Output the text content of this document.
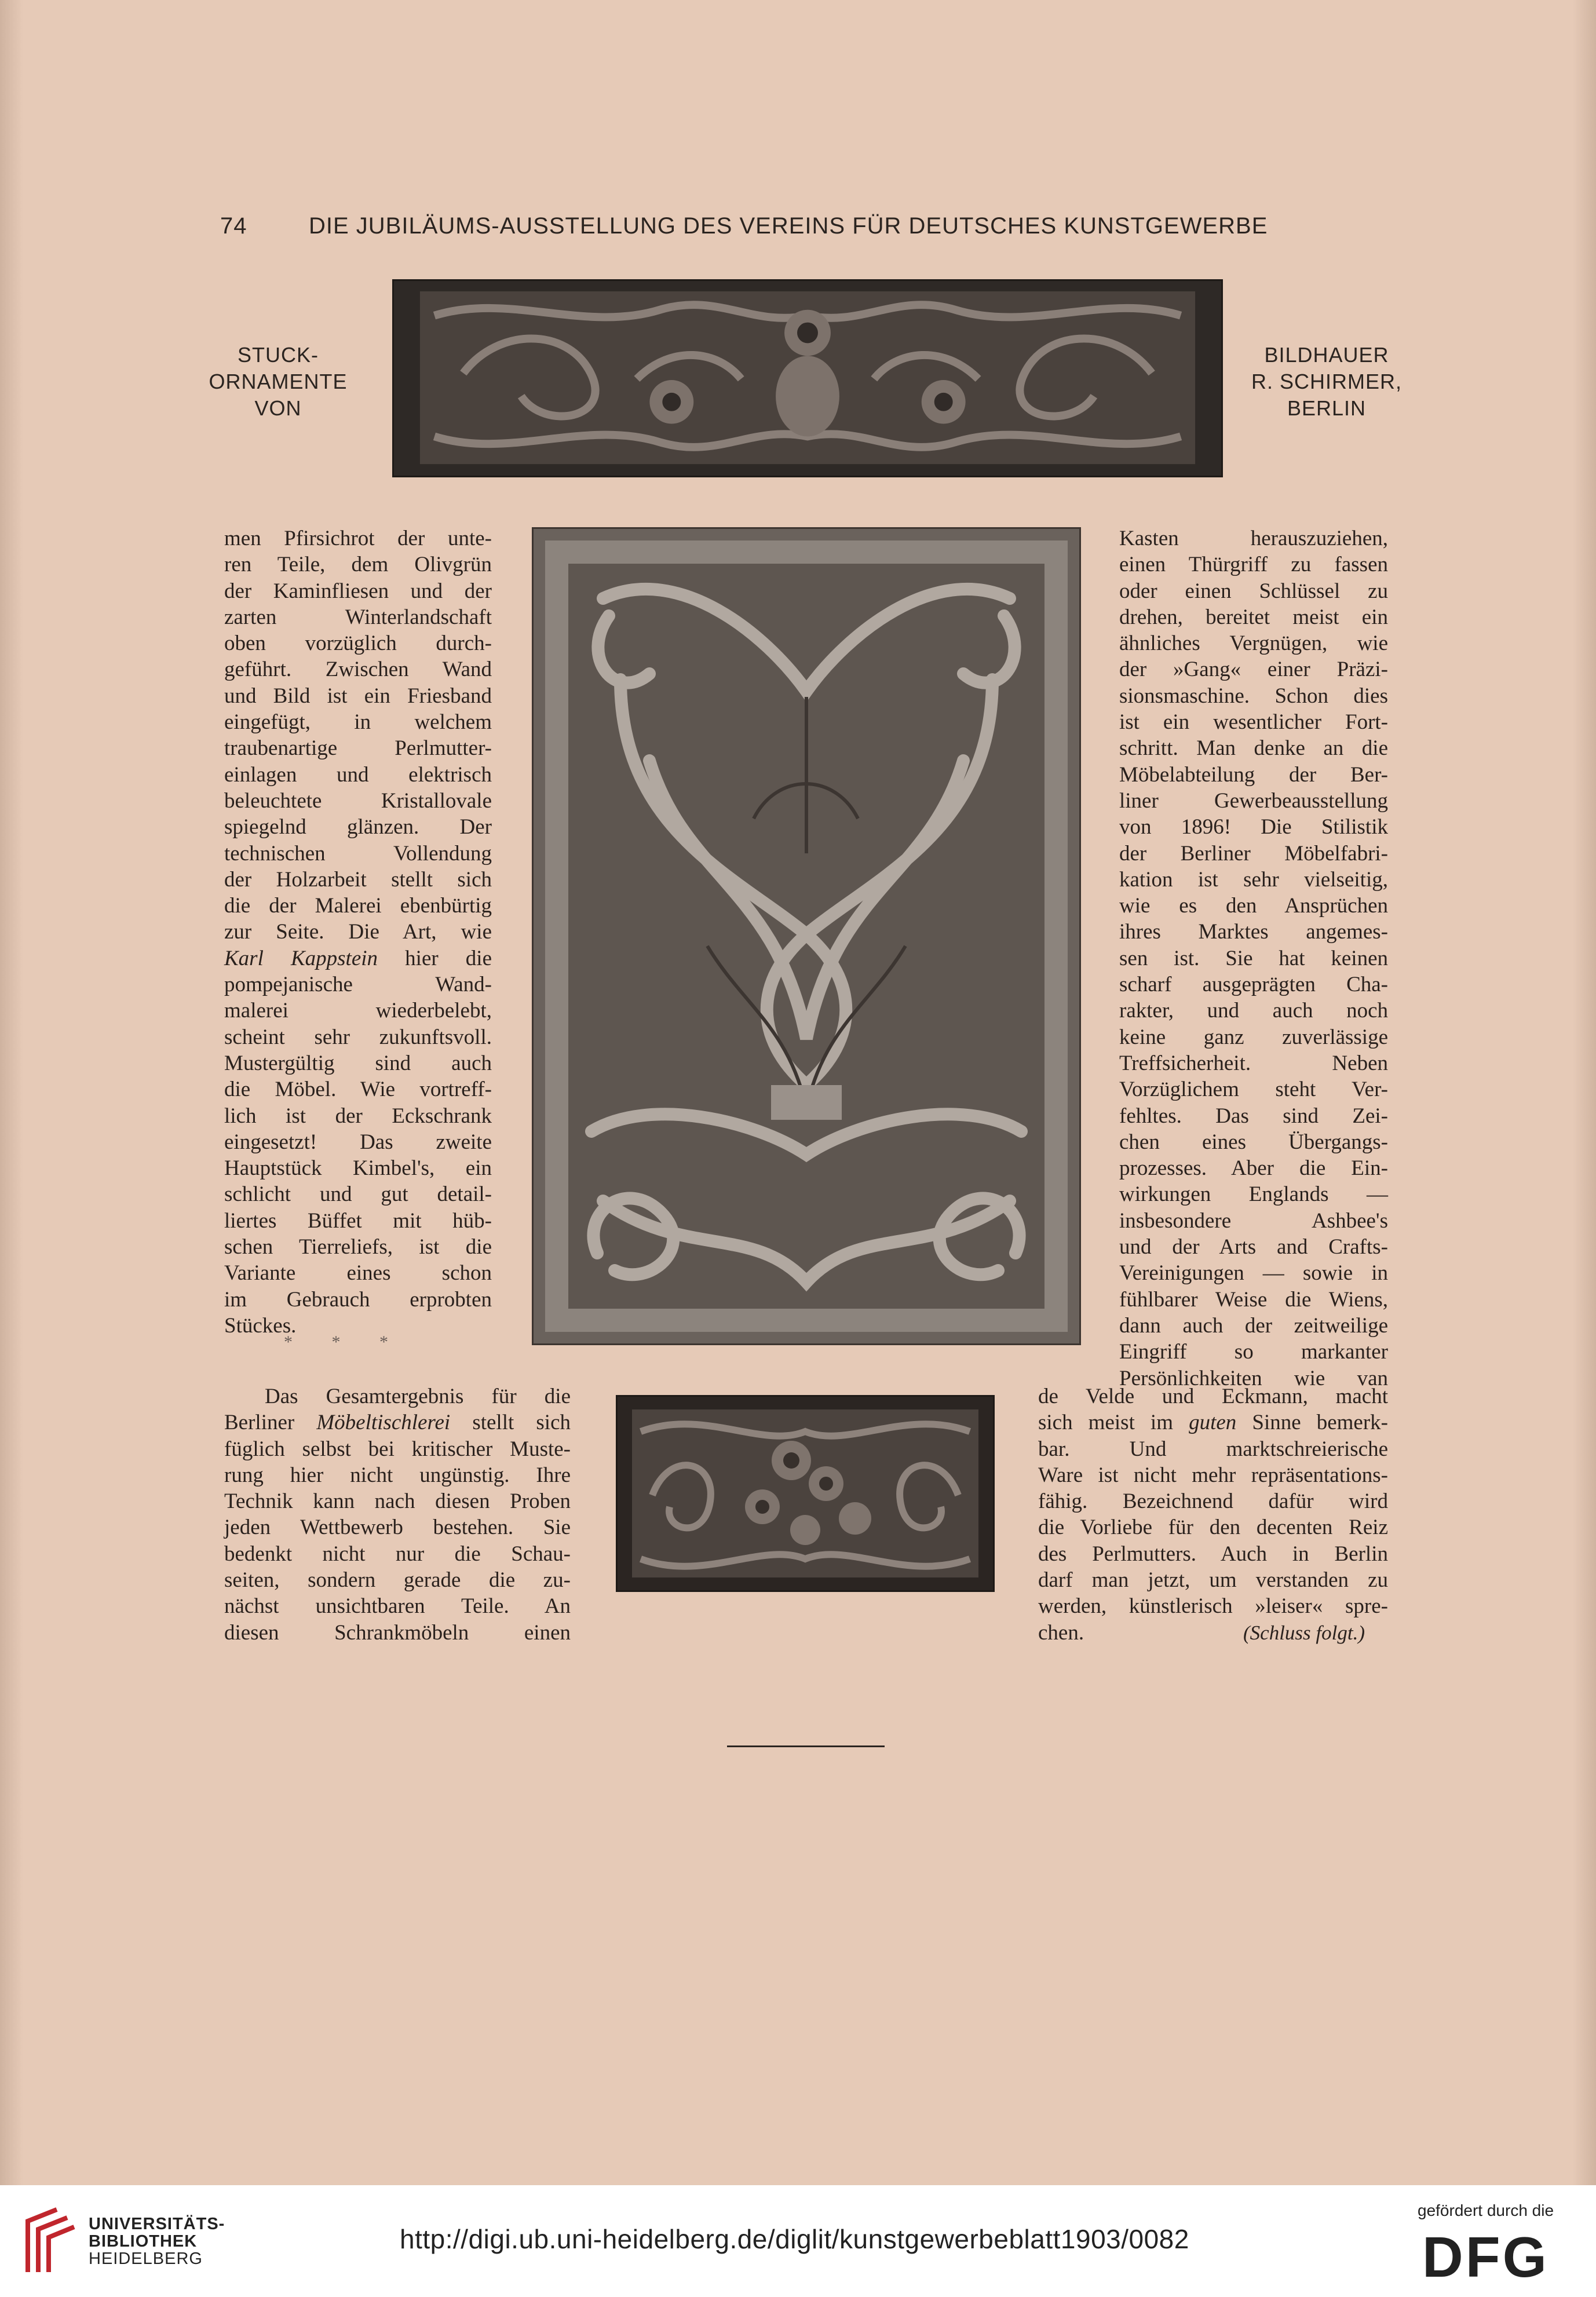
74	DIE JUBILÄUMS-AUSSTELLUNG DES VEREINS FÜR DEUTSCHES KUNSTGEWERBE
STUCK-
ORNAMENTE
VON
BILDHAUER
R. SCHIRMER,
BERLIN
men Pfirsichrot der unte-
ren Teile, dem Olivgrün
der Kaminfliesen und der
zarten Winterlandschaft
oben vorzüglich durch-
geführt. Zwischen Wand
und Bild ist ein Friesband
eingefügt, in welchem
traubenartige Perlmutter-
einlagen und elektrisch
beleuchtete Kristallovale
spiegelnd glänzen. Der
technischen Vollendung
der Holzarbeit stellt sich
die der Malerei ebenbürtig
zur Seite. Die Art, wie
Karl Kappstein hier die
pompejanische Wand-
malerei wiederbelebt,
scheint sehr zukunftsvoll.
Mustergültig sind auch
die Möbel. Wie vortreff-
lich ist der Eckschrank
eingesetzt! Das zweite
Hauptstück Kimbel's, ein
schlicht und gut detail-
liertes Büffet mit hüb-
schen Tierreliefs, ist die
Variante eines schon
im Gebrauch erprobten
Stückes.
* * *
Das Gesamtergebnis für die
Berliner Möbeltischlerei stellt sich
füglich selbst bei kritischer Muste-
rung hier nicht ungünstig. Ihre
Technik kann nach diesen Proben
jeden Wettbewerb bestehen. Sie
bedenkt nicht nur die Schau-
seiten, sondern gerade die zu-
nächst unsichtbaren Teile. An
diesen Schrankmöbeln einen
Kasten herauszuziehen,
einen Thürgriff zu fassen
oder einen Schlüssel zu
drehen, bereitet meist ein
ähnliches Vergnügen, wie
der »Gang« einer Präzi-
sionsmaschine. Schon dies
ist ein wesentlicher Fort-
schritt. Man denke an die
Möbelabteilung der Ber-
liner Gewerbeausstellung
von 1896! Die Stilistik
der Berliner Möbelfabri-
kation ist sehr vielseitig,
wie es den Ansprüchen
ihres Marktes angemes-
sen ist. Sie hat keinen
scharf ausgeprägten Cha-
rakter, und auch noch
keine ganz zuverlässige
Treffsicherheit. Neben
Vorzüglichem steht Ver-
fehltes. Das sind Zei-
chen eines Übergangs-
prozesses. Aber die Ein-
wirkungen Englands —
insbesondere Ashbee's
und der Arts and Crafts-
Vereinigungen — sowie in
fühlbarer Weise die Wiens,
dann auch der zeitweilige
Eingriff so markanter
Persönlichkeiten wie van
de Velde und Eckmann, macht
sich meist im guten Sinne bemerk-
bar. Und marktschreierische
Ware ist nicht mehr repräsentations-
fähig. Bezeichnend dafür wird
die Vorliebe für den decenten Reiz
des Perlmutters. Auch in Berlin
darf man jetzt, um verstanden zu
werden, künstlerisch »leiser« spre-
chen.	(Schluss folgt.)
UNIVERSITÄTS-
BIBLIOTHEK
HEIDELBERG
http://digi.ub.uni-heidelberg.de/diglit/kunstgewerbeblatt1903/0082
gefördert durch die
DFG
